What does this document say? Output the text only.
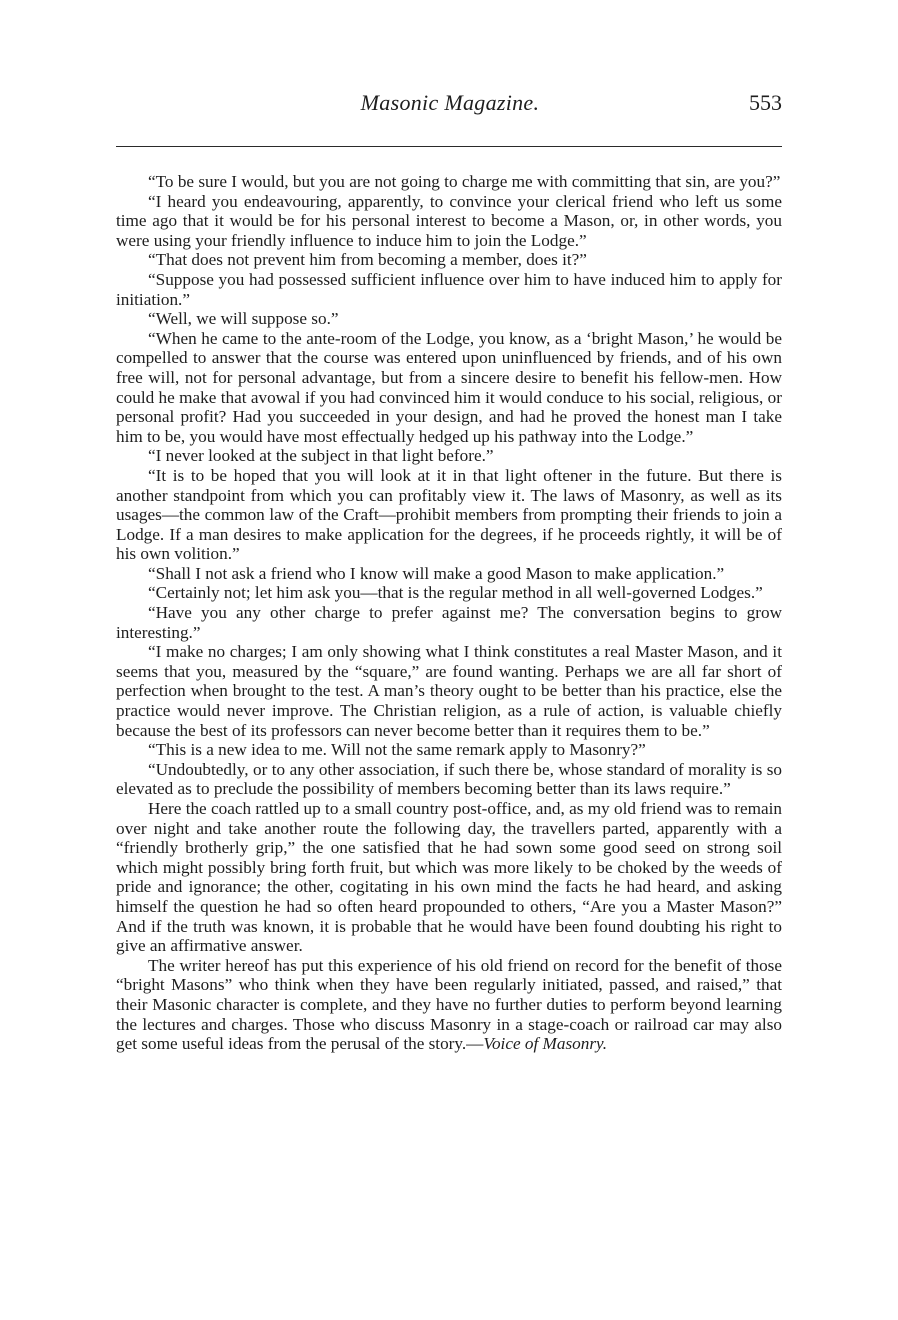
Masonic Magazine.	553

“To be sure I would, but you are not going to charge me with committing that sin, are you?”

“I heard you endeavouring, apparently, to convince your clerical friend who left us some time ago that it would be for his personal interest to become a Mason, or, in other words, you were using your friendly influence to induce him to join the Lodge.”

“That does not prevent him from becoming a member, does it?”

“Suppose you had possessed sufficient influence over him to have induced him to apply for initiation.”

“Well, we will suppose so.”

“When he came to the ante-room of the Lodge, you know, as a ‘bright Mason,’ he would be compelled to answer that the course was entered upon uninfluenced by friends, and of his own free will, not for personal advantage, but from a sincere desire to benefit his fellow-men. How could he make that avowal if you had convinced him it would conduce to his social, religious, or personal profit? Had you succeeded in your design, and had he proved the honest man I take him to be, you would have most effectually hedged up his pathway into the Lodge.”

“I never looked at the subject in that light before.”

“It is to be hoped that you will look at it in that light oftener in the future. But there is another standpoint from which you can profitably view it. The laws of Masonry, as well as its usages—the common law of the Craft—prohibit members from prompting their friends to join a Lodge. If a man desires to make application for the degrees, if he proceeds rightly, it will be of his own volition.”

“Shall I not ask a friend who I know will make a good Mason to make application.”

“Certainly not; let him ask you—that is the regular method in all well-governed Lodges.”

“Have you any other charge to prefer against me? The conversation begins to grow interesting.”

“I make no charges; I am only showing what I think constitutes a real Master Mason, and it seems that you, measured by the “square,” are found wanting. Perhaps we are all far short of perfection when brought to the test. A man’s theory ought to be better than his practice, else the practice would never improve. The Christian religion, as a rule of action, is valuable chiefly because the best of its professors can never become better than it requires them to be.”

“This is a new idea to me. Will not the same remark apply to Masonry?”

“Undoubtedly, or to any other association, if such there be, whose standard of morality is so elevated as to preclude the possibility of members becoming better than its laws require.”

Here the coach rattled up to a small country post-office, and, as my old friend was to remain over night and take another route the following day, the travellers parted, apparently with a “friendly brotherly grip,” the one satisfied that he had sown some good seed on strong soil which might possibly bring forth fruit, but which was more likely to be choked by the weeds of pride and ignorance; the other, cogitating in his own mind the facts he had heard, and asking himself the question he had so often heard propounded to others, “Are you a Master Mason?” And if the truth was known, it is probable that he would have been found doubting his right to give an affirmative answer.

The writer hereof has put this experience of his old friend on record for the benefit of those “bright Masons” who think when they have been regularly initiated, passed, and raised,” that their Masonic character is complete, and they have no further duties to perform beyond learning the lectures and charges. Those who discuss Masonry in a stage-coach or railroad car may also get some useful ideas from the perusal of the story.—Voice of Masonry.
